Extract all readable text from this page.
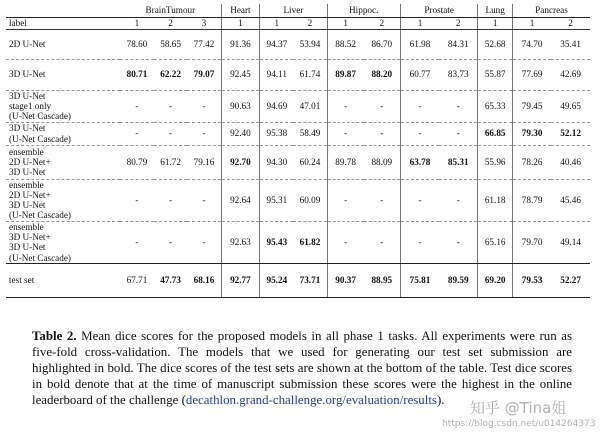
	BrainTumour			Heart	Liver		Hippoc.		Prostate		Lung	Pancreas	
label	1	2	3	1	1	2	1	2	1	2	1	1	2

2D U-Net	78.60	58.65	77.42	91.36	94.37	53.94	88.52	86.70	61.98	84.31	52.68	74.70	35.41

3D U-Net	80.71	62.22	79.07	92.45	94.11	61.74	89.87	88.20	60.77	83.73	55.87	77.69	42.69

3D U-Net
stage1 only
(U-Net Cascade)	-	-	-	90.63	94.69	47.01	-	-	-	-	65.33	79.45	49.65

3D U-Net
(U-Net Cascade)	-	-	-	92.40	95.38	58.49	-	-	-	-	66.85	79.30	52.12

ensemble
2D U-Net+
3D U-Net	80.79	61.72	79.16	92.70	94.30	60.24	89.78	88.09	63.78	85.31	55.96	78.26	40.46

ensemble
2D U-Net+
3D U-Net
(U-Net Cascade)	-	-	-	92.64	95.31	60.09	-	-	-	-	61.18	78.79	45.46

ensemble
3D U-Net+
3D U-Net
(U-Net Cascade)	-	-	-	92.63	95.43	61.82	-	-	-	-	65.16	79.70	49.14

test set	67.71	47.73	68.16	92.77	95.24	73.71	90.37	88.95	75.81	89.59	69.20	79.53	52.27
Table 2. Mean dice scores for the proposed models in all phase 1 tasks. All experiments were run as five-fold cross-validation. The models that we used for generating our test set submission are highlighted in bold. The dice scores of the test sets are shown at the bottom of the table. Test dice scores in bold denote that at the time of manuscript submission these scores were the highest in the online leaderboard of the challenge (decathlon.grand-challenge.org/evaluation/results).	知乎 @Tina姐
https://blog.csdn.net/u014264373
